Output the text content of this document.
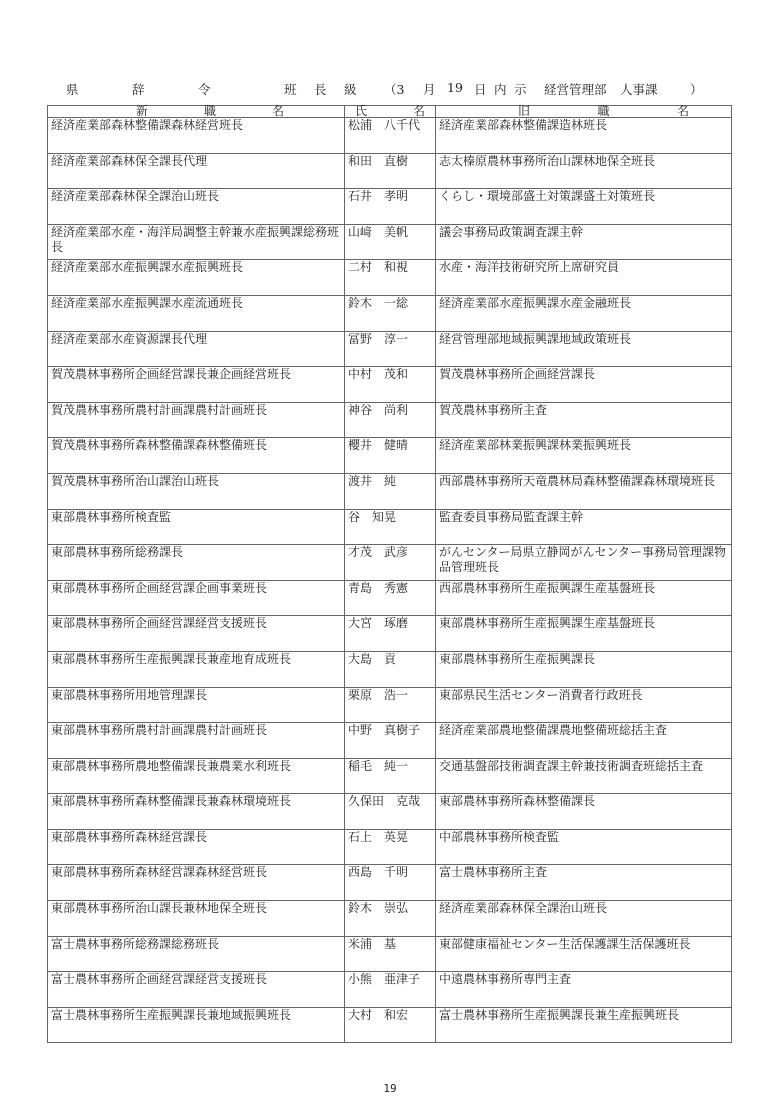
県	辞	令	班 長 級 （3 月 19 日 内 示 経営管理部 人事課	）
新 職 名	氏 名	旧 職 名

経済産業部森林整備課森林経営班長	松浦　八千代	経済産業部森林整備課造林班長
経済産業部森林保全課長代理	和田　直樹	志太榛原農林事務所治山課林地保全班長
経済産業部森林保全課治山班長	石井　孝明	くらし・環境部盛土対策課盛土対策班長
経済産業部水産・海洋局調整主幹兼水産振興課総務班長	山﨑　美帆	議会事務局政策調査課主幹
経済産業部水産振興課水産振興班長	二村　和視	水産・海洋技術研究所上席研究員
経済産業部水産振興課水産流通班長	鈴木　一総	経済産業部水産振興課水産金融班長
経済産業部水産資源課長代理	冨野　淳一	経営管理部地域振興課地域政策班長
賀茂農林事務所企画経営課長兼企画経営班長	中村　茂和	賀茂農林事務所企画経営課長
賀茂農林事務所農村計画課農村計画班長	神谷　尚利	賀茂農林事務所主査
賀茂農林事務所森林整備課森林整備班長	櫻井　健晴	経済産業部林業振興課林業振興班長
賀茂農林事務所治山課治山班長	渡井　純	西部農林事務所天竜農林局森林整備課森林環境班長
東部農林事務所検査監	谷　知晃	監査委員事務局監査課主幹
東部農林事務所総務課長	才茂　武彦	がんセンター局県立静岡がんセンター事務局管理課物品管理班長
東部農林事務所企画経営課企画事業班長	青島　秀憲	西部農林事務所生産振興課生産基盤班長
東部農林事務所企画経営課経営支援班長	大宮　琢磨	東部農林事務所生産振興課生産基盤班長
東部農林事務所生産振興課長兼産地育成班長	大島　貢	東部農林事務所生産振興課長
東部農林事務所用地管理課長	栗原　浩一	東部県民生活センター消費者行政班長
東部農林事務所農村計画課農村計画班長	中野　真樹子	経済産業部農地整備課農地整備班総括主査
東部農林事務所農地整備課長兼農業水利班長	稲毛　純一	交通基盤部技術調査課主幹兼技術調査班総括主査
東部農林事務所森林整備課長兼森林環境班長	久保田　克哉	東部農林事務所森林整備課長
東部農林事務所森林経営課長	石上　英晃	中部農林事務所検査監
東部農林事務所森林経営課森林経営班長	西島　千明	富士農林事務所主査
東部農林事務所治山課長兼林地保全班長	鈴木　崇弘	経済産業部森林保全課治山班長
富士農林事務所総務課総務班長	米浦　基	東部健康福祉センター生活保護課生活保護班長
富士農林事務所企画経営課経営支援班長	小熊　亜津子	中遠農林事務所専門主査
富士農林事務所生産振興課長兼地域振興班長	大村　和宏	富士農林事務所生産振興課長兼生産振興班長
19
